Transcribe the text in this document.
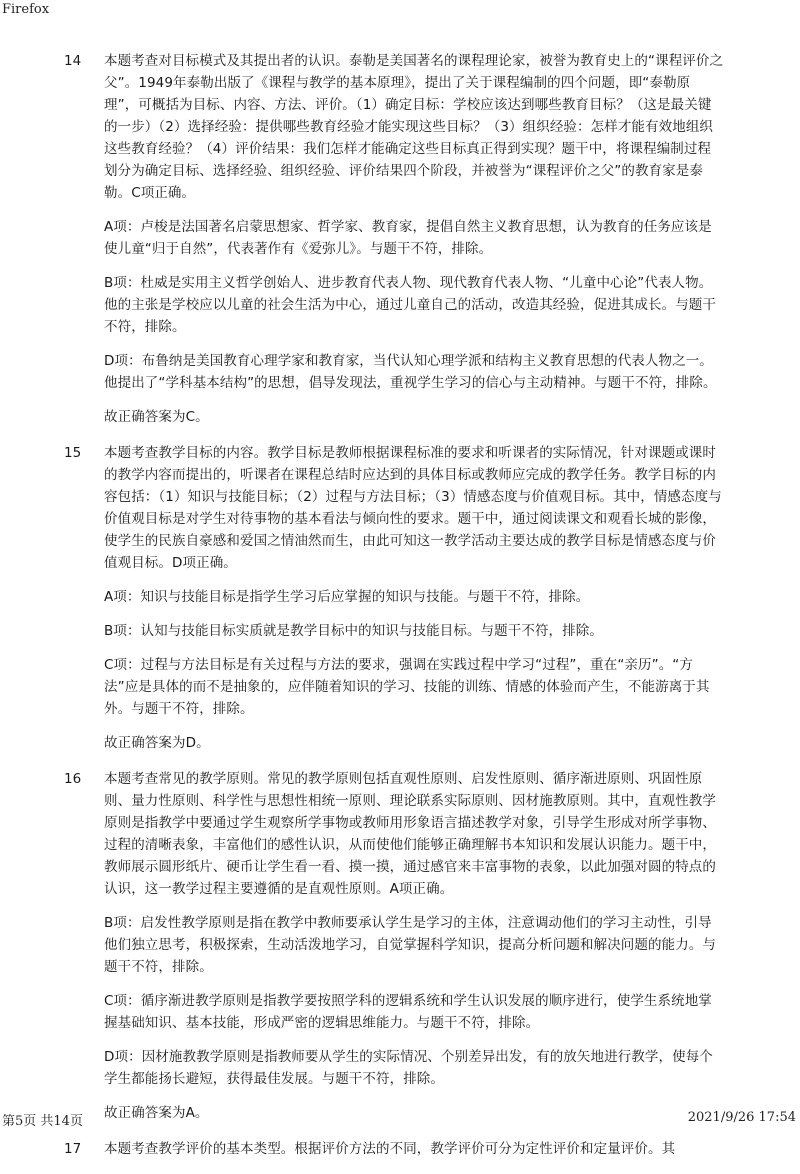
Firefox
14 本题考查对目标模式及其提出者的认识。泰勒是美国著名的课程理论家，被誉为教育史上的“课程评价之父”。1949年泰勒出版了《课程与教学的基本原理》，提出了关于课程编制的四个问题，即“泰勒原理”，可概括为目标、内容、方法、评价。（1）确定目标：学校应该达到哪些教育目标？（这是最关键的一步）（2）选择经验：提供哪些教育经验才能实现这些目标？（3）组织经验：怎样才能有效地组织这些教育经验？（4）评价结果：我们怎样才能确定这些目标真正得到实现？题干中，将课程编制过程划分为确定目标、选择经验、组织经验、评价结果四个阶段，并被誉为“课程评价之父”的教育家是泰勒。C项正确。

A项：卢梭是法国著名启蒙思想家、哲学家、教育家，提倡自然主义教育思想，认为教育的任务应该是使儿童“归于自然”，代表著作有《爱弥儿》。与题干不符，排除。

B项：杜威是实用主义哲学创始人、进步教育代表人物、现代教育代表人物、“儿童中心论”代表人物。他的主张是学校应以儿童的社会生活为中心，通过儿童自己的活动，改造其经验，促进其成长。与题干不符，排除。

D项：布鲁纳是美国教育心理学家和教育家，当代认知心理学派和结构主义教育思想的代表人物之一。他提出了“学科基本结构”的思想，倡导发现法，重视学生学习的信心与主动精神。与题干不符，排除。

故正确答案为C。

15 本题考查教学目标的内容。教学目标是教师根据课程标准的要求和听课者的实际情况，针对课题或课时的教学内容而提出的，听课者在课程总结时应达到的具体目标或教师应完成的教学任务。教学目标的内容包括：（1）知识与技能目标；（2）过程与方法目标；（3）情感态度与价值观目标。其中，情感态度与价值观目标是对学生对待事物的基本看法与倾向性的要求。题干中，通过阅读课文和观看长城的影像，使学生的民族自豪感和爱国之情油然而生，由此可知这一教学活动主要达成的教学目标是情感态度与价值观目标。D项正确。

A项：知识与技能目标是指学生学习后应掌握的知识与技能。与题干不符，排除。

B项：认知与技能目标实质就是教学目标中的知识与技能目标。与题干不符，排除。

C项：过程与方法目标是有关过程与方法的要求，强调在实践过程中学习“过程”，重在“亲历”。“方法”应是具体的而不是抽象的，应伴随着知识的学习、技能的训练、情感的体验而产生，不能游离于其外。与题干不符，排除。

故正确答案为D。

16 本题考查常见的教学原则。常见的教学原则包括直观性原则、启发性原则、循序渐进原则、巩固性原则、量力性原则、科学性与思想性相统一原则、理论联系实际原则、因材施教原则。其中，直观性教学原则是指教学中要通过学生观察所学事物或教师用形象语言描述教学对象，引导学生形成对所学事物、过程的清晰表象，丰富他们的感性认识，从而使他们能够正确理解书本知识和发展认识能力。题干中，教师展示圆形纸片、硬币让学生看一看、摸一摸，通过感官来丰富事物的表象，以此加强对圆的特点的认识，这一教学过程主要遵循的是直观性原则。A项正确。

B项：启发性教学原则是指在教学中教师要承认学生是学习的主体，注意调动他们的学习主动性，引导他们独立思考，积极探索，生动活泼地学习，自觉掌握科学知识，提高分析问题和解决问题的能力。与题干不符，排除。

C项：循序渐进教学原则是指教学要按照学科的逻辑系统和学生认识发展的顺序进行，使学生系统地掌握基础知识、基本技能，形成严密的逻辑思维能力。与题干不符，排除。

D项：因材施教教学原则是指教师要从学生的实际情况、个别差异出发，有的放矢地进行教学，使每个学生都能扬长避短，获得最佳发展。与题干不符，排除。

故正确答案为A。

17 本题考查教学评价的基本类型。根据评价方法的不同，教学评价可分为定性评价和定量评价。其

第5页 共14页	2021/9/26 17:54
